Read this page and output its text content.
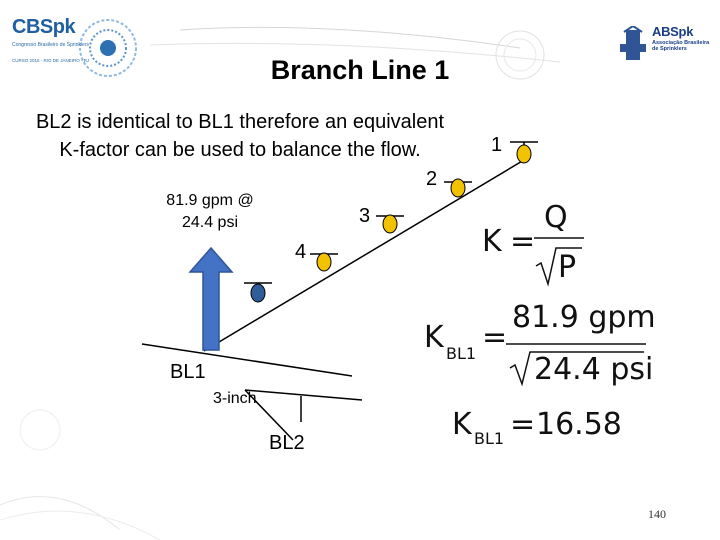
CBSpk
Congresso Brasileiro de Sprinklers
CURSO 2015 - RIO DE JANEIRO - RJ
ABSpk
Associação Brasileira de Sprinklers
Branch Line 1
BL2 is identical to BL1 therefore an equivalent
K-factor can be used to balance the flow.
81.9 gpm @
24.4 psi
1
2
3
4
BL1
3-inch
BL2
K =
Q
P
K BL1 =
81.9 gpm
24.4 psi
K BL1 = 16.58
140
